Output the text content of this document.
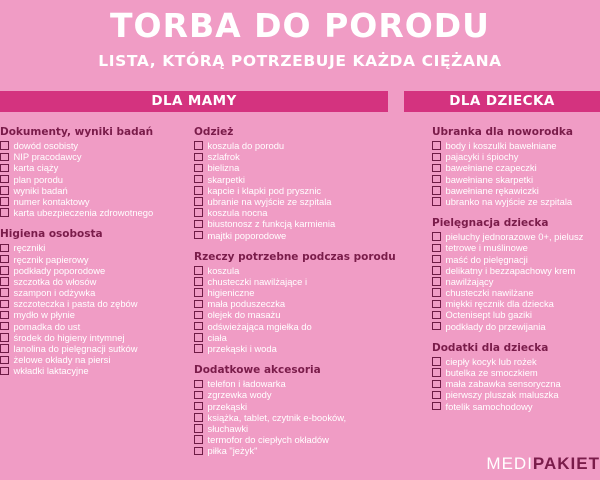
TORBA DO PORODU
LISTA, KTÓRĄ POTRZEBUJE KAŻDA CIĘŻANA
DLA MAMY	DLA DZIECKA
Dokumenty, wyniki badań
dowód osobisty
NIP pracodawcy
karta ciąży
plan porodu
wyniki badań
numer kontaktowy
karta ubezpieczenia zdrowotnego
Higiena osobosta
ręczniki
ręcznik papierowy
podkłady poporodowe
szczotka do włosów
szampon i odżywka
szczoteczka i pasta do zębów
mydło w płynie
pomadka do ust
środek do higieny intymnej
lanolina do pielęgnacji sutków
żelowe okłady na piersi
wkładki laktacyjne
Odzież
koszula do porodu
szlafrok
bielizna
skarpetki
kapcie i klapki pod prysznic
ubranie na wyjście ze szpitala
koszula nocna
biustonosz z funkcją karmienia
majtki poporodowe
Rzeczy potrzebne podczas porodu
koszula
chusteczki nawilżające i
higieniczne
mała poduszeczka
olejek do masażu
odświeżająca mgiełka do
ciała
przekąski i woda
Dodatkowe akcesoria
telefon i ładowarka
zgrzewka wody
przekąski
książka, tablet, czytnik e-booków,
słuchawki
termofor do ciepłych okładów
piłka "jeżyk"
Ubranka dla noworodka
body i koszulki bawełniane
pajacyki i śpiochy
bawełniane czapeczki
bawełniane skarpetki
bawełniane rękawiczki
ubranko na wyjście ze szpitala
Pielęgnacja dziecka
pieluchy jednorazowe 0+, pielusz
tetrowe i muślinowe
maść do pielęgnacji
delikatny i bezzapachowy krem
nawilżający
chusteczki nawilżane
miękki ręcznik dla dziecka
Octenisept lub gaziki
podkłady do przewijania
Dodatki dla dziecka
ciepły kocyk lub rożek
butelka ze smoczkiem
mała zabawka sensoryczna
pierwszy pluszak maluszka
fotelik samochodowy
MEDIPAKIET
